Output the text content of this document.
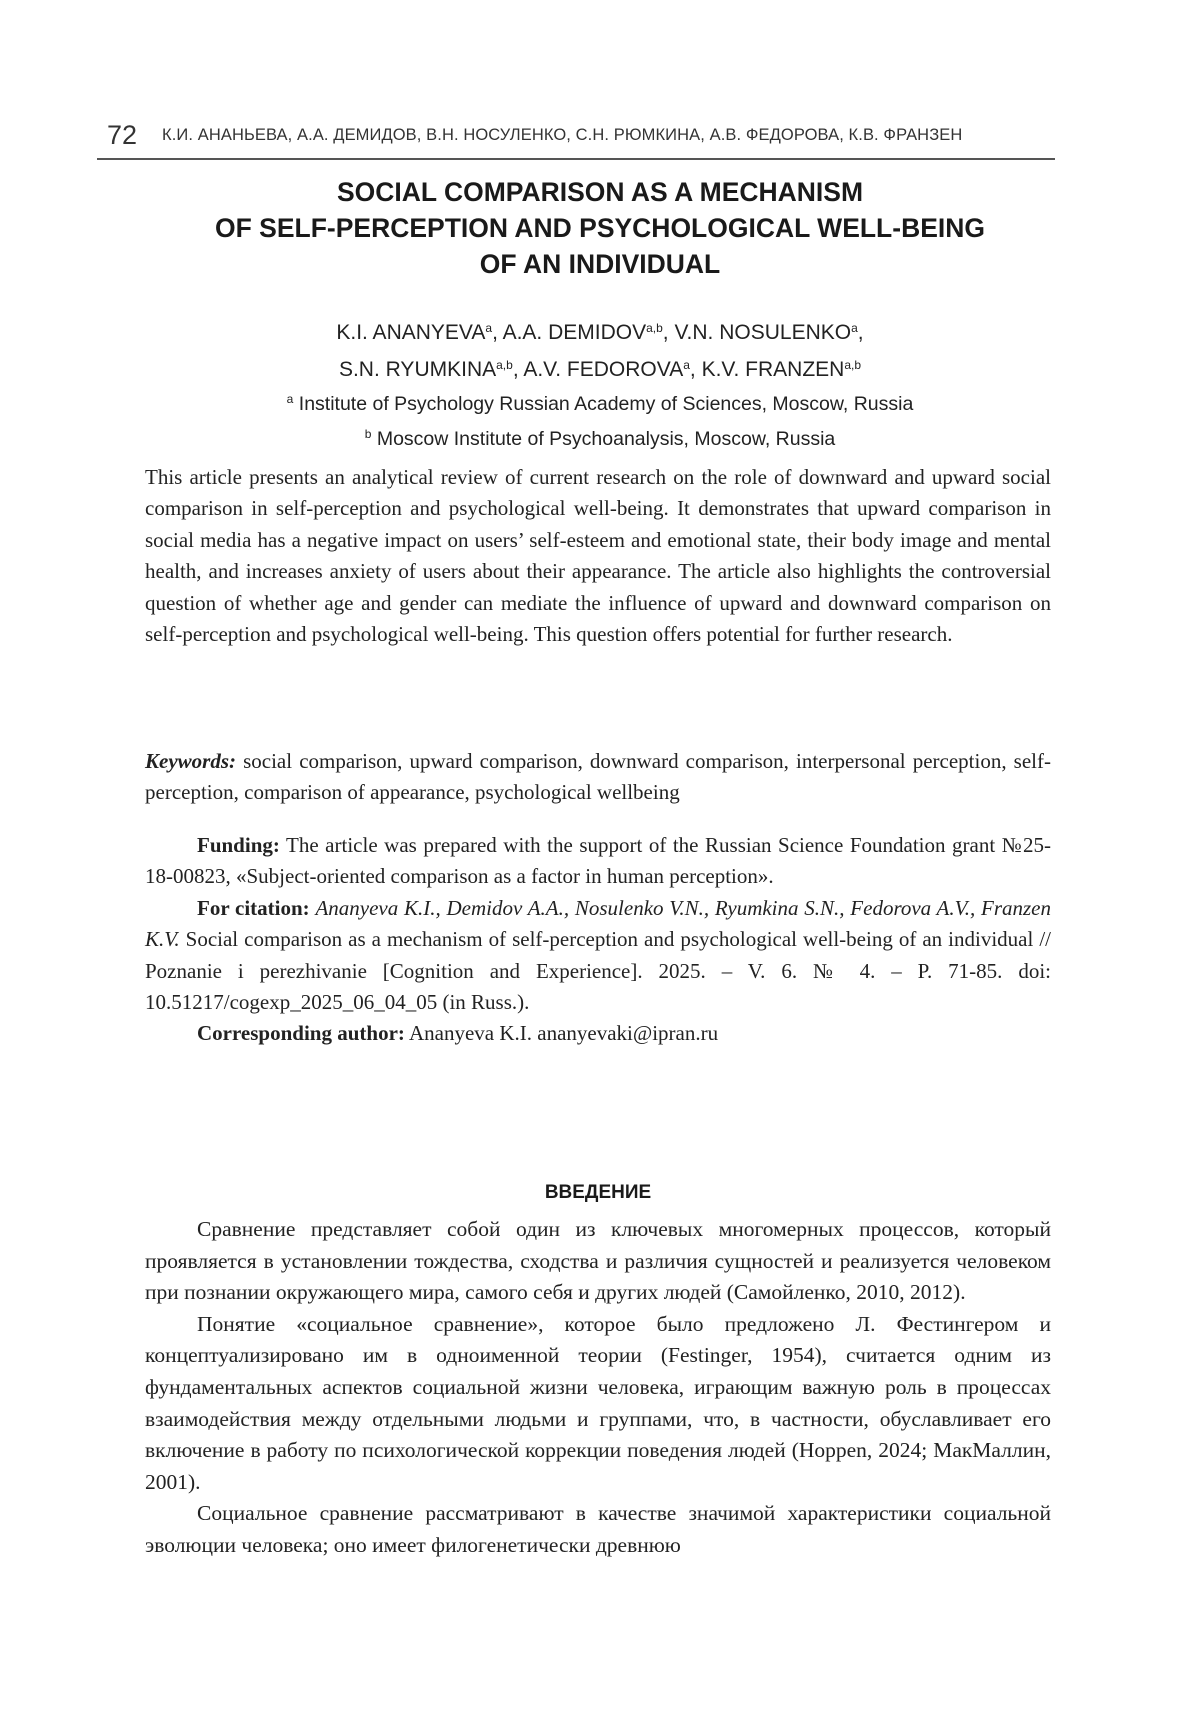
72 К.И. АНАНЬЕВА, А.А. ДЕМИДОВ, В.Н. НОСУЛЕНКО, С.Н. РЮМКИНА, А.В. ФЕДОРОВА, К.В. ФРАНЗЕН
SOCIAL COMPARISON AS A MECHANISM
OF SELF-PERCEPTION AND PSYCHOLOGICAL WELL-BEING
OF AN INDIVIDUAL
K.I. ANANYEVA$^a$, A.A. DEMIDOV$^{a,b}$, V.N. NOSULENKO$^a$,
S.N. RYUMKINA$^{a,b}$, A.V. FEDOROVA$^a$, K.V. FRANZEN$^{a,b}$
$^a$ Institute of Psychology Russian Academy of Sciences, Moscow, Russia
$^b$ Moscow Institute of Psychoanalysis, Moscow, Russia

This article presents an analytical review of current research on the role of downward and upward social comparison in self-perception and psychological well-being. It demonstrates that upward comparison in social media has a negative impact on users’ self-esteem and emotional state, their body image and mental health, and increases anxiety of users about their appearance. The article also highlights the controversial question of whether age and gender can mediate the influence of upward and downward comparison on self-perception and psychological well-being. This question offers potential for further research.

Keywords: social comparison, upward comparison, downward comparison, interpersonal perception, self-perception, comparison of appearance, psychological wellbeing

Funding: The article was prepared with the support of the Russian Science Foundation grant №25-18-00823, «Subject-oriented comparison as a factor in human perception».

For citation: Ananyeva K.I., Demidov A.A., Nosulenko V.N., Ryumkina S.N., Fedorova A.V., Franzen K.V. Social comparison as a mechanism of self-perception and psychological well-being of an individual // Poznanie i perezhivanie [Cognition and Experience]. 2025. – V. 6. № 4. – P. 71-85. doi: 10.51217/cogexp_2025_06_04_05 (in Russ.).

Corresponding author: Ananyeva K.I. ananyevaki@ipran.ru

ВВЕДЕНИЕ

Сравнение представляет собой один из ключевых многомерных процессов, который проявляется в установлении тождества, сходства и различия сущностей и реализуется человеком при познании окружающего мира, самого себя и других людей (Самойленко, 2010, 2012).

Понятие «социальное сравнение», которое было предложено Л. Фестингером и концептуализировано им в одноименной теории (Festinger, 1954), считается одним из фундаментальных аспектов социальной жизни человека, играющим важную роль в процессах взаимодействия между отдельными людьми и группами, что, в частности, обуславливает его включение в работу по психологической коррекции поведения людей (Hoppen, 2024; МакМаллин, 2001).

Социальное сравнение рассматривают в качестве значимой характеристики социальной эволюции человека; оно имеет филогенетически древнюю
